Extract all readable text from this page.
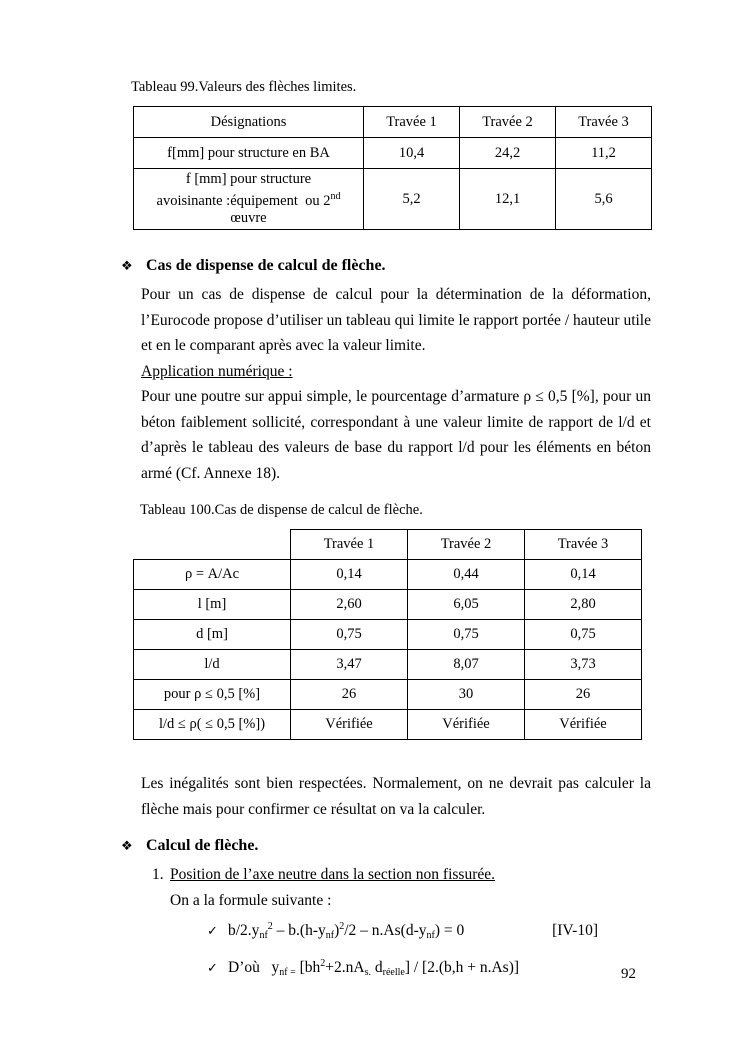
Tableau 99.Valeurs des flèches limites.
Désignations	Travée 1	Travée 2	Travée 3
f[mm] pour structure en BA	10,4	24,2	11,2
f [mm] pour structure
avoisinante :équipement  ou 2nd œuvre	5,2	12,1	5,6
❖ Cas de dispense de calcul de flèche.
Pour un cas de dispense de calcul pour la détermination de la déformation, l’Eurocode propose d’utiliser un tableau qui limite le rapport portée / hauteur utile et en le comparant après avec la valeur limite.
Application numérique :
Pour une poutre sur appui simple, le pourcentage d’armature ρ ≤ 0,5 [%], pour un béton faiblement sollicité, correspondant à une valeur limite de rapport de l/d et d’après le tableau des valeurs de base du rapport l/d pour les éléments en béton armé (Cf. Annexe 18).
Tableau 100.Cas de dispense de calcul de flèche.
	Travée 1	Travée 2	Travée 3
ρ = A/Ac	0,14	0,44	0,14
l [m]	2,60	6,05	2,80
d [m]	0,75	0,75	0,75
l/d	3,47	8,07	3,73
pour ρ ≤ 0,5 [%]	26	30	26
l/d ≤ ρ( ≤ 0,5 [%])	Vérifiée	Vérifiée	Vérifiée
Les inégalités sont bien respectées. Normalement, on ne devrait pas calculer la flèche mais pour confirmer ce résultat on va la calculer.
❖ Calcul de flèche.
1. Position de l’axe neutre dans la section non fissurée.
On a la formule suivante :
✓ $b/2.y_{nf}^2 - b.(h-y_{nf})^2/2 - n.As(d-y_{nf}) = 0$	[IV-10]
✓ D’où   $y_{nf =}$ [$bh^2+2.nA_{s.}$ $d_{réelle}] / [2.(b,h + n.As)]$	92
